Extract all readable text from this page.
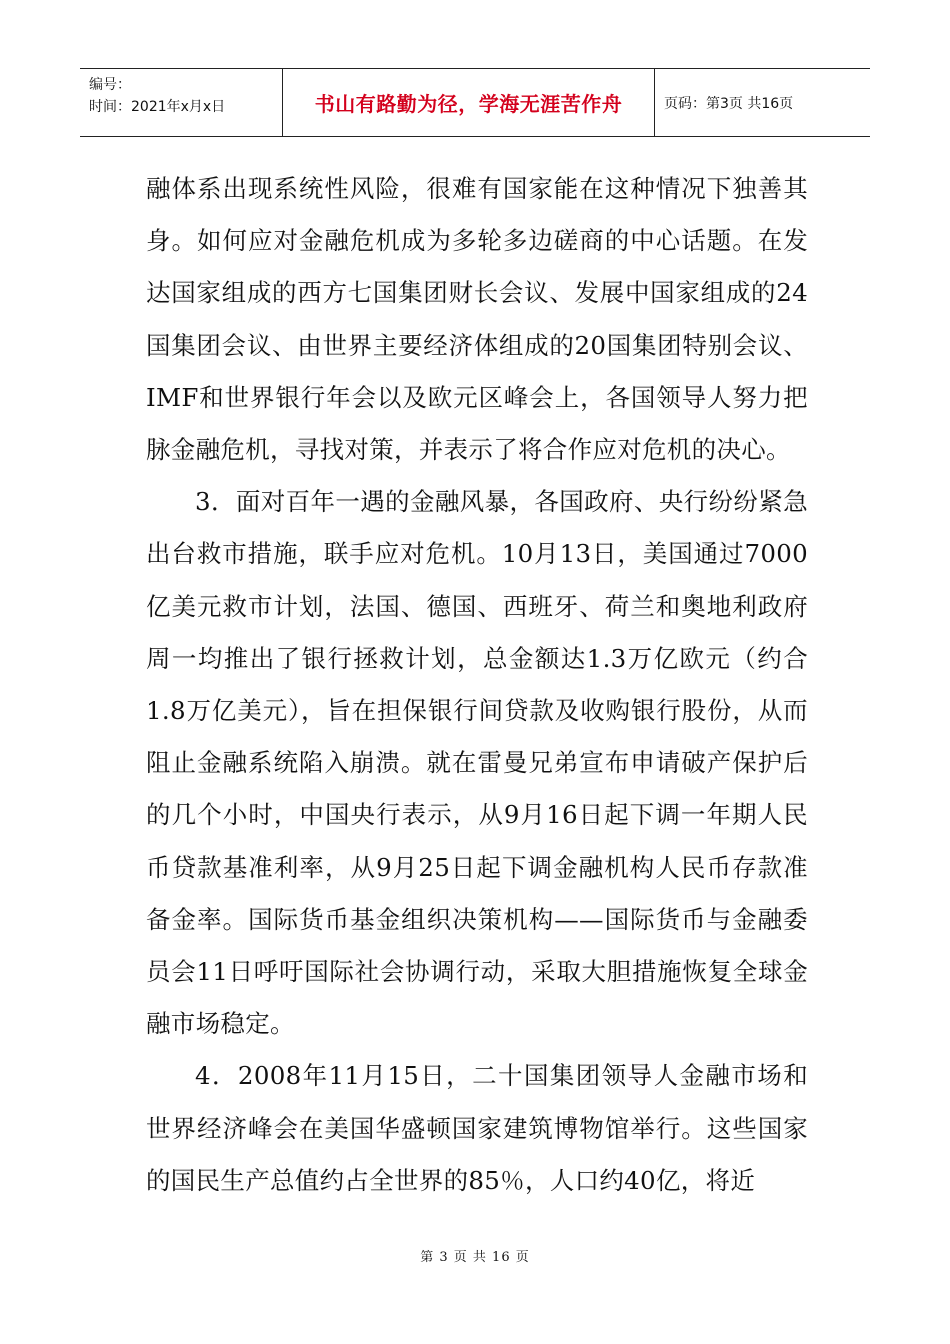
编号：
时间：2021年x月x日	书山有路勤为径，学海无涯苦作舟	页码：第3页 共16页

融体系出现系统性风险，很难有国家能在这种情况下独善其身。如何应对金融危机成为多轮多边磋商的中心话题。在发达国家组成的西方七国集团财长会议、发展中国家组成的24国集团会议、由世界主要经济体组成的20国集团特别会议、IMF和世界银行年会以及欧元区峰会上，各国领导人努力把脉金融危机，寻找对策，并表示了将合作应对危机的决心。

3．面对百年一遇的金融风暴，各国政府、央行纷纷紧急出台救市措施，联手应对危机。10月13日，美国通过7000亿美元救市计划，法国、德国、西班牙、荷兰和奥地利政府周一均推出了银行拯救计划，总金额达1.3万亿欧元（约合1.8万亿美元），旨在担保银行间贷款及收购银行股份，从而阻止金融系统陷入崩溃。就在雷曼兄弟宣布申请破产保护后的几个小时，中国央行表示，从9月16日起下调一年期人民币贷款基准利率，从9月25日起下调金融机构人民币存款准备金率。国际货币基金组织决策机构——国际货币与金融委员会11日呼吁国际社会协调行动，采取大胆措施恢复全球金融市场稳定。

4．2008年11月15日，二十国集团领导人金融市场和世界经济峰会在美国华盛顿国家建筑博物馆举行。这些国家的国民生产总值约占全世界的85％，人口约40亿，将近

第 3 页 共 16 页
